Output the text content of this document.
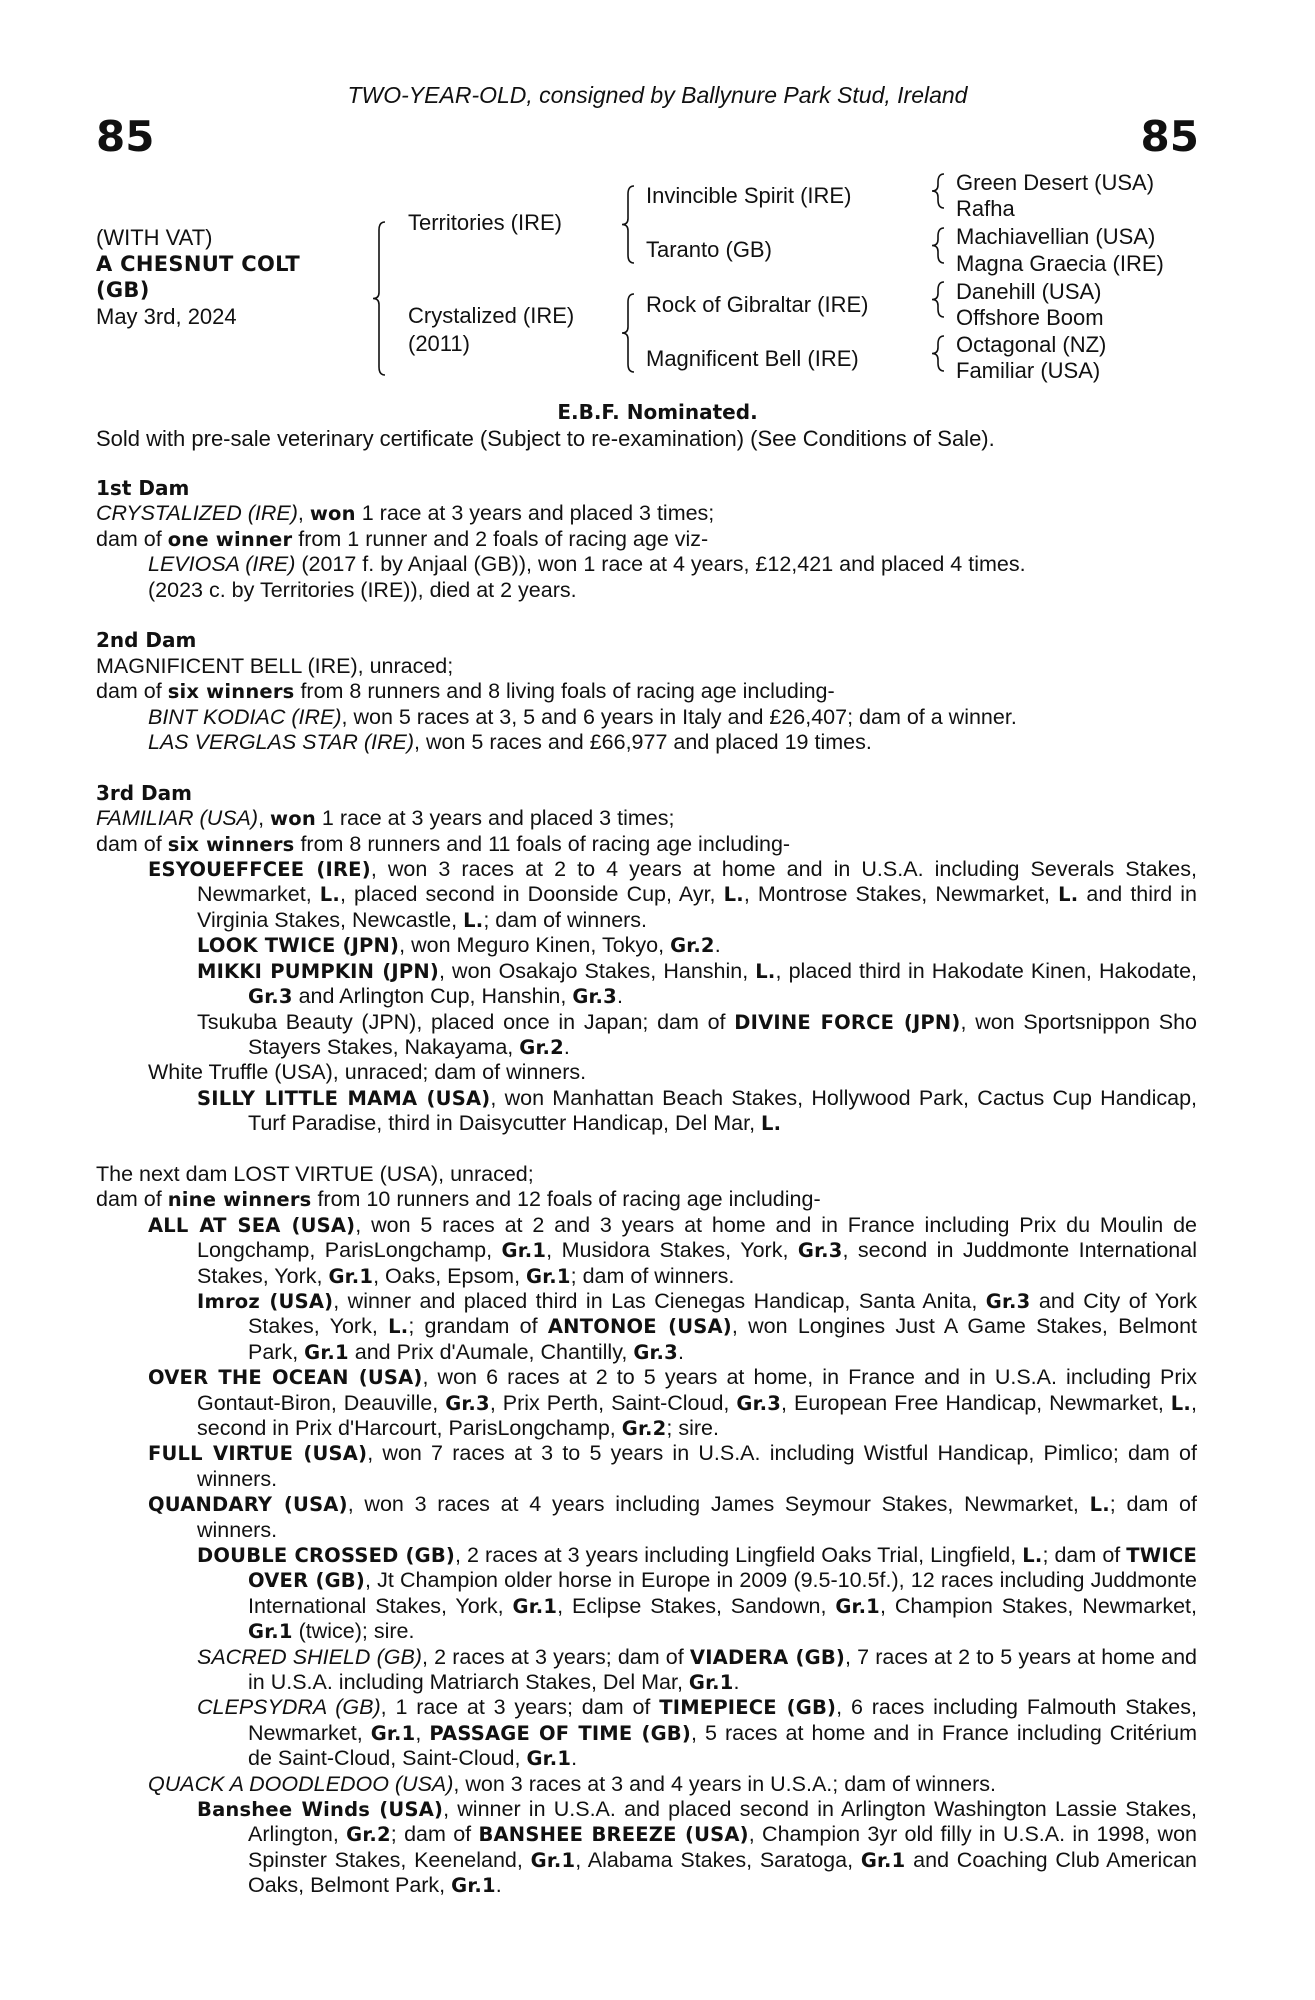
TWO-YEAR-OLD, consigned by Ballynure Park Stud, Ireland
85	85
(WITH VAT)
A CHESNUT COLT
(GB)
May 3rd, 2024
Territories (IRE)
Crystalized (IRE)
(2011)
Invincible Spirit (IRE)
Taranto (GB)
Rock of Gibraltar (IRE)
Magnificent Bell (IRE)
Green Desert (USA)
Rafha
Machiavellian (USA)
Magna Graecia (IRE)
Danehill (USA)
Offshore Boom
Octagonal (NZ)
Familiar (USA)
E.B.F. Nominated.
Sold with pre-sale veterinary certificate (Subject to re-examination) (See Conditions of Sale).
1st Dam
CRYSTALIZED (IRE), won 1 race at 3 years and placed 3 times;
dam of one winner from 1 runner and 2 foals of racing age viz-
LEVIOSA (IRE) (2017 f. by Anjaal (GB)), won 1 race at 4 years, £12,421 and placed 4 times.
(2023 c. by Territories (IRE)), died at 2 years.
2nd Dam
MAGNIFICENT BELL (IRE), unraced;
dam of six winners from 8 runners and 8 living foals of racing age including-
BINT KODIAC (IRE), won 5 races at 3, 5 and 6 years in Italy and £26,407; dam of a winner.
LAS VERGLAS STAR (IRE), won 5 races and £66,977 and placed 19 times.
3rd Dam
FAMILIAR (USA), won 1 race at 3 years and placed 3 times;
dam of six winners from 8 runners and 11 foals of racing age including-
ESYOUEFFCEE (IRE), won 3 races at 2 to 4 years at home and in U.S.A. including Severals Stakes, Newmarket, L., placed second in Doonside Cup, Ayr, L., Montrose Stakes, Newmarket, L. and third in Virginia Stakes, Newcastle, L.; dam of winners.
LOOK TWICE (JPN), won Meguro Kinen, Tokyo, Gr.2.
MIKKI PUMPKIN (JPN), won Osakajo Stakes, Hanshin, L., placed third in Hakodate Kinen, Hakodate, Gr.3 and Arlington Cup, Hanshin, Gr.3.
Tsukuba Beauty (JPN), placed once in Japan; dam of DIVINE FORCE (JPN), won Sportsnippon Sho Stayers Stakes, Nakayama, Gr.2.
White Truffle (USA), unraced; dam of winners.
SILLY LITTLE MAMA (USA), won Manhattan Beach Stakes, Hollywood Park, Cactus Cup Handicap, Turf Paradise, third in Daisycutter Handicap, Del Mar, L.
The next dam LOST VIRTUE (USA), unraced;
dam of nine winners from 10 runners and 12 foals of racing age including-
ALL AT SEA (USA), won 5 races at 2 and 3 years at home and in France including Prix du Moulin de Longchamp, ParisLongchamp, Gr.1, Musidora Stakes, York, Gr.3, second in Juddmonte International Stakes, York, Gr.1, Oaks, Epsom, Gr.1; dam of winners.
Imroz (USA), winner and placed third in Las Cienegas Handicap, Santa Anita, Gr.3 and City of York Stakes, York, L.; grandam of ANTONOE (USA), won Longines Just A Game Stakes, Belmont Park, Gr.1 and Prix d'Aumale, Chantilly, Gr.3.
OVER THE OCEAN (USA), won 6 races at 2 to 5 years at home, in France and in U.S.A. including Prix Gontaut-Biron, Deauville, Gr.3, Prix Perth, Saint-Cloud, Gr.3, European Free Handicap, Newmarket, L., second in Prix d'Harcourt, ParisLongchamp, Gr.2; sire.
FULL VIRTUE (USA), won 7 races at 3 to 5 years in U.S.A. including Wistful Handicap, Pimlico; dam of winners.
QUANDARY (USA), won 3 races at 4 years including James Seymour Stakes, Newmarket, L.; dam of winners.
DOUBLE CROSSED (GB), 2 races at 3 years including Lingfield Oaks Trial, Lingfield, L.; dam of TWICE OVER (GB), Jt Champion older horse in Europe in 2009 (9.5-10.5f.), 12 races including Juddmonte International Stakes, York, Gr.1, Eclipse Stakes, Sandown, Gr.1, Champion Stakes, Newmarket, Gr.1 (twice); sire.
SACRED SHIELD (GB), 2 races at 3 years; dam of VIADERA (GB), 7 races at 2 to 5 years at home and in U.S.A. including Matriarch Stakes, Del Mar, Gr.1.
CLEPSYDRA (GB), 1 race at 3 years; dam of TIMEPIECE (GB), 6 races including Falmouth Stakes, Newmarket, Gr.1, PASSAGE OF TIME (GB), 5 races at home and in France including Critérium de Saint-Cloud, Saint-Cloud, Gr.1.
QUACK A DOODLEDOO (USA), won 3 races at 3 and 4 years in U.S.A.; dam of winners.
Banshee Winds (USA), winner in U.S.A. and placed second in Arlington Washington Lassie Stakes, Arlington, Gr.2; dam of BANSHEE BREEZE (USA), Champion 3yr old filly in U.S.A. in 1998, won Spinster Stakes, Keeneland, Gr.1, Alabama Stakes, Saratoga, Gr.1 and Coaching Club American Oaks, Belmont Park, Gr.1.
